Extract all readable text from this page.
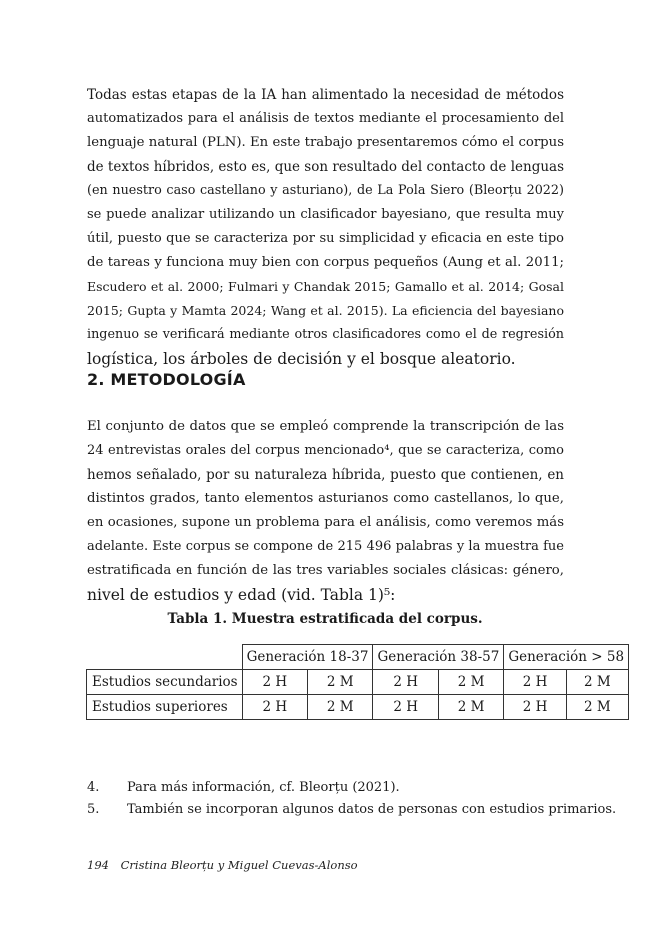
Todas estas etapas de la IA han alimentado la necesidad de métodos
automatizados para el análisis de textos mediante el procesamiento del
lenguaje natural (PLN). En este trabajo presentaremos cómo el corpus
de textos híbridos, esto es, que son resultado del contacto de lenguas
(en nuestro caso castellano y asturiano), de La Pola Siero (Bleorțu 2022)
se puede analizar utilizando un clasificador bayesiano, que resulta muy
útil, puesto que se caracteriza por su simplicidad y eficacia en este tipo
de tareas y funciona muy bien con corpus pequeños (Aung et al. 2011;
Escudero et al. 2000; Fulmari y Chandak 2015; Gamallo et al. 2014; Gosal
2015; Gupta y Mamta 2024; Wang et al. 2015). La eficiencia del bayesiano
ingenuo se verificará mediante otros clasificadores como el de regresión
logística, los árboles de decisión y el bosque aleatorio.
2. METODOLOGÍA
El conjunto de datos que se empleó comprende la transcripción de las
24 entrevistas orales del corpus mencionado⁴, que se caracteriza, como
hemos señalado, por su naturaleza híbrida, puesto que contienen, en
distintos grados, tanto elementos asturianos como castellanos, lo que,
en ocasiones, supone un problema para el análisis, como veremos más
adelante. Este corpus se compone de 215 496 palabras y la muestra fue
estratificada en función de las tres variables sociales clásicas: género,
nivel de estudios y edad (vid. Tabla 1)⁵:
Tabla 1. Muestra estratificada del corpus.
	Generación 18-37		Generación 38-57		Generación > 58	
Estudios secundarios	2 H	2 M	2 H	2 M	2 H	2 M
Estudios superiores	2 H	2 M	2 H	2 M	2 H	2 M
4. Para más información, cf. Bleorțu (2021).
5. También se incorporan algunos datos de personas con estudios primarios.
194 Cristina Bleorțu y Miguel Cuevas-Alonso
